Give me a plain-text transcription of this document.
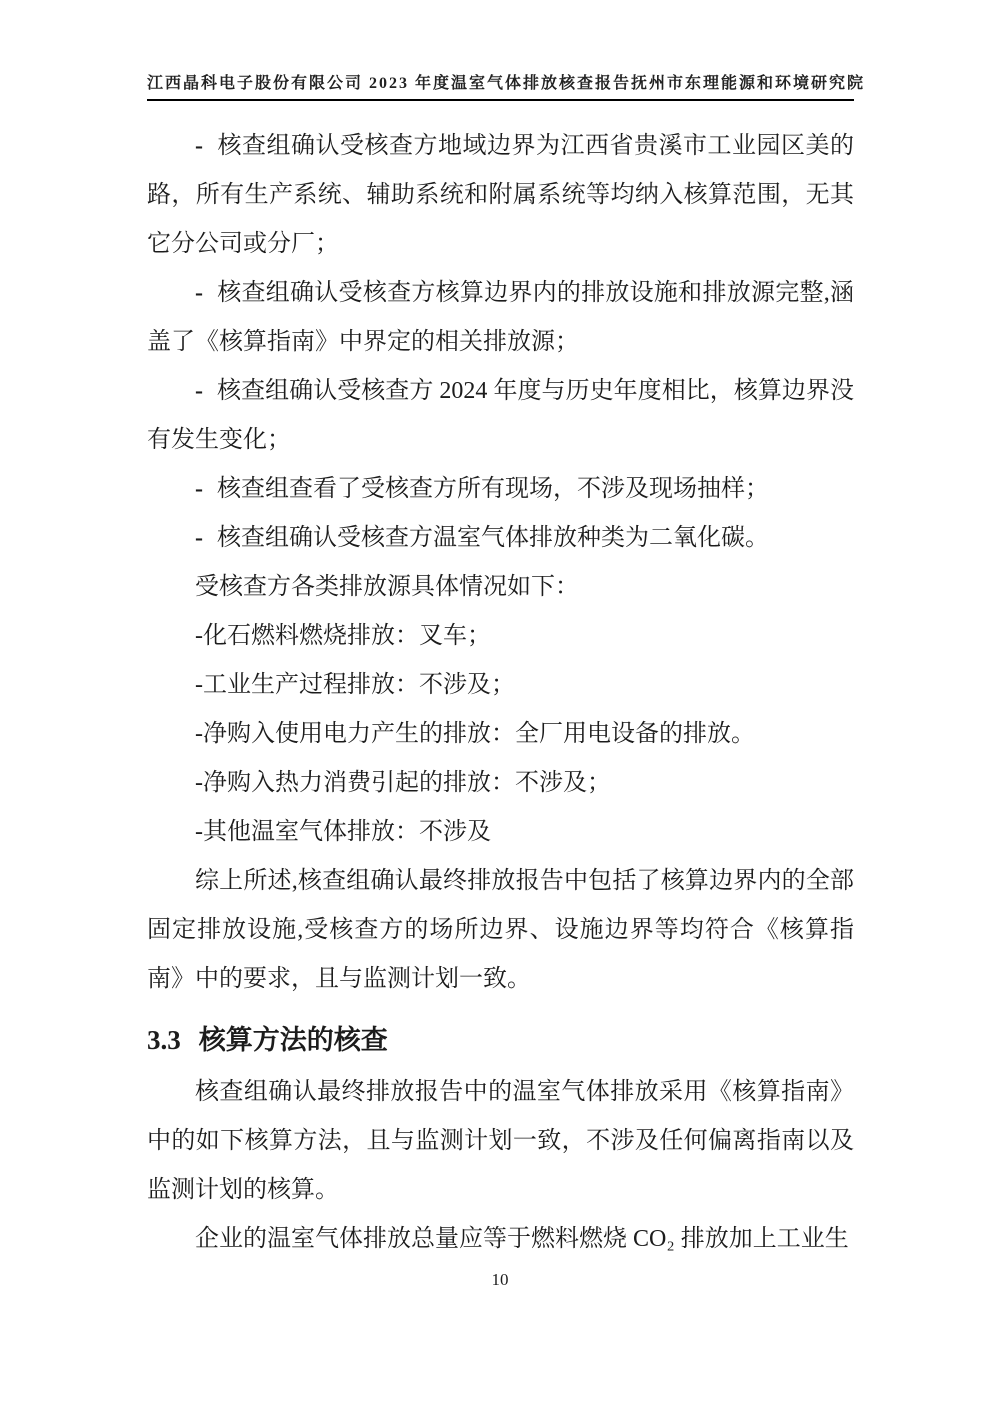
江西晶科电子股份有限公司 2023 年度温室气体排放核查报告 抚州市东理能源和环境研究院

- 核查组确认受核查方地域边界为江西省贵溪市工业园区美的路，所有生产系统、辅助系统和附属系统等均纳入核算范围，无其它分公司或分厂；

- 核查组确认受核查方核算边界内的排放设施和排放源完整,涵盖了《核算指南》中界定的相关排放源；

- 核查组确认受核查方 2024 年度与历史年度相比，核算边界没有发生变化；

- 核查组查看了受核查方所有现场，不涉及现场抽样；

- 核查组确认受核查方温室气体排放种类为二氧化碳。

受核查方各类排放源具体情况如下：

-化石燃料燃烧排放：叉车；

-工业生产过程排放：不涉及；

-净购入使用电力产生的排放：全厂用电设备的排放。

-净购入热力消费引起的排放：不涉及；

-其他温室气体排放：不涉及

综上所述,核查组确认最终排放报告中包括了核算边界内的全部固定排放设施,受核查方的场所边界、设施边界等均符合《核算指南》中的要求，且与监测计划一致。

3.3 核算方法的核查

核查组确认最终排放报告中的温室气体排放采用《核算指南》中的如下核算方法，且与监测计划一致，不涉及任何偏离指南以及监测计划的核算。

企业的温室气体排放总量应等于燃料燃烧 CO₂ 排放加上工业生

10
